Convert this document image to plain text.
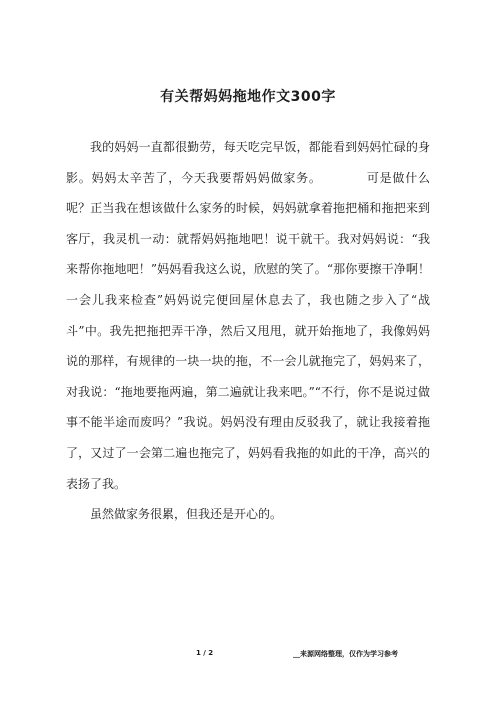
有关帮妈妈拖地作文300字

我的妈妈一直都很勤劳，每天吃完早饭，都能看到妈妈忙碌的身影。妈妈太辛苦了，今天我要帮妈妈做家务。　　　　可是做什么呢？正当我在想该做什么家务的时候，妈妈就拿着拖把桶和拖把来到客厅，我灵机一动：就帮妈妈拖地吧！说干就干。我对妈妈说：“我来帮你拖地吧！”妈妈看我这么说，欣慰的笑了。“那你要擦干净啊！一会儿我来检查”妈妈说完便回屋休息去了，我也随之步入了“战斗”中。我先把拖把弄干净，然后又甩甩，就开始拖地了，我像妈妈说的那样，有规律的一块一块的拖，不一会儿就拖完了，妈妈来了，对我说：“拖地要拖两遍，第二遍就让我来吧。”“不行，你不是说过做事不能半途而废吗？”我说。妈妈没有理由反驳我了，就让我接着拖了，又过了一会第二遍也拖完了，妈妈看我拖的如此的干净，高兴的表扬了我。

虽然做家务很累，但我还是开心的。

1 / 2	__来源网络整理，仅作为学习参考
